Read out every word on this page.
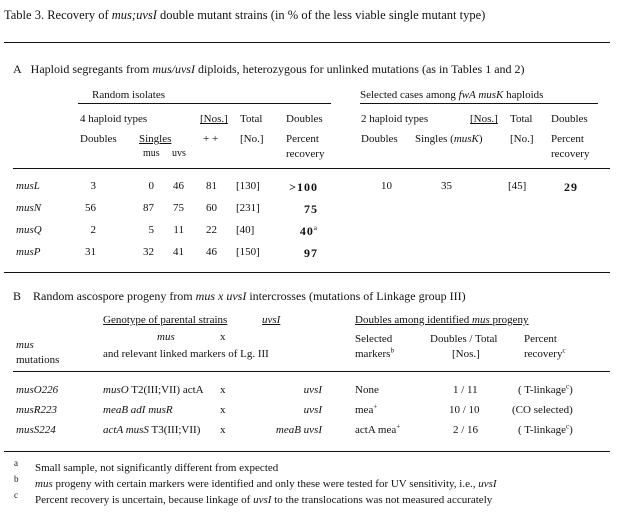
Table 3. Recovery of mus;uvsI double mutant strains (in % of the less viable single mutant type)
A Haploid segregants from mus/uvsI diploids, heterozygous for unlinked mutations (as in Tables 1 and 2)
Random isolates
4 haploid types	[Nos.] Total Doubles
Doubles Singles	+ + [No.] Percent
mus uvs	recovery
Selected cases among fwA musK haploids
2 haploid types	[Nos.] Total Doubles
Doubles Singles (musK) [No.] Percent
recovery
musL	3	0	46	81 [130]	>100	10	35	[45]	29
musN	56	87	75	60 [231]	75
musQ	2	5	11	22 [40]	40$^a$
musP	31	32	41	46 [150]	97
B Random ascospore progeny from mus x uvsI intercrosses (mutations of Linkage group III)
Genotype of parental strains	uvsI
mus	x
and relevant linked markers of Lg. III
mus
mutations
Doubles among identified mus progeny
Selected
markers$^b$
Doubles / Total
[Nos.]
Percent
recovery$^c$
musO226	musO T2(III;VII) actA x	uvsI	None	1 / 11	( T-linkage$^c$)
musR223	meaB adI musR	x	uvsI	mea+	10 / 10	(CO selected)
musS224	actA musS T3(III;VII) x	meaB uvsI	actA mea+	2 / 16	( T-linkage$^c$)
a Small sample, not significantly different from expected
b mus progeny with certain markers were identified and only these were tested for UV sensitivity, i.e., uvsI
c Percent recovery is uncertain, because linkage of uvsI to the translocations was not measured accurately
